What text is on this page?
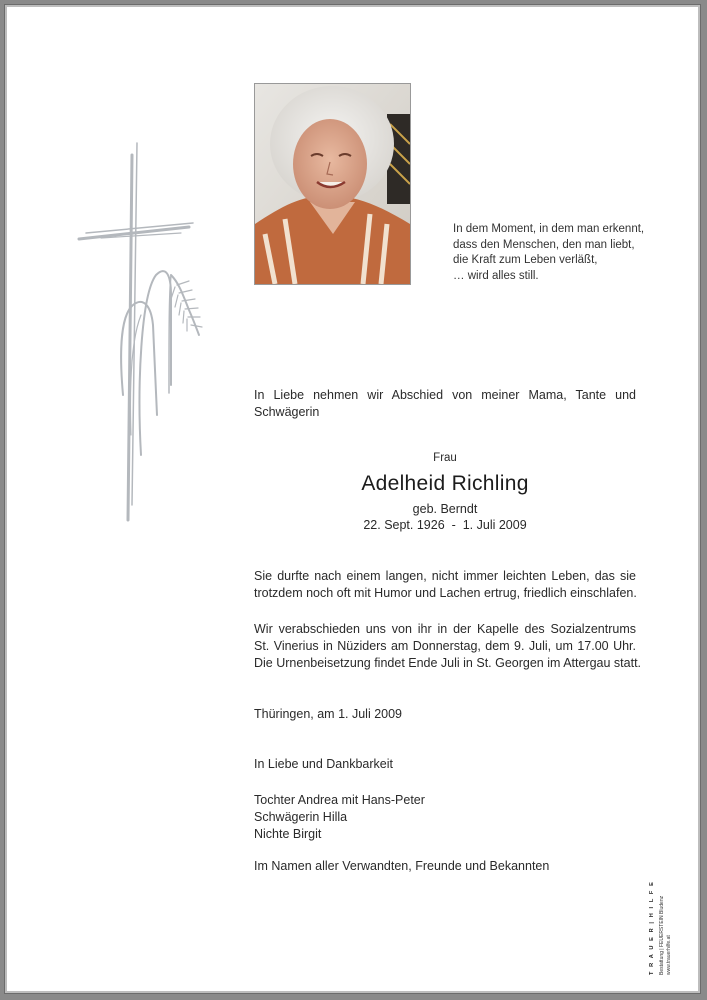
In dem Moment, in dem man erkennt,
dass den Menschen, den man liebt,
die Kraft zum Leben verläßt,
… wird alles still.
In Liebe nehmen wir Abschied von meiner Mama, Tante und
Schwägerin
Frau
Adelheid Richling
geb. Berndt
22. Sept. 1926  -  1. Juli 2009
Sie durfte nach einem langen, nicht immer leichten Leben, das sie
trotzdem noch oft mit Humor und Lachen ertrug, friedlich einschlafen.
Wir verabschieden uns von ihr in der Kapelle des Sozialzentrums
St. Vinerius in Nüziders am Donnerstag, dem 9. Juli, um 17.00 Uhr.
Die Urnenbeisetzung findet Ende Juli in St. Georgen im Attergau statt.
Thüringen, am 1. Juli 2009
In Liebe und Dankbarkeit
Tochter Andrea mit Hans-Peter
Schwägerin Hilla
Nichte Birgit
Im Namen aller Verwandten, Freunde und Bekannten
T R A U E R | H I L F E Bestattung | FEUERSTEIN Bludenz www.trauerhilfe.at
